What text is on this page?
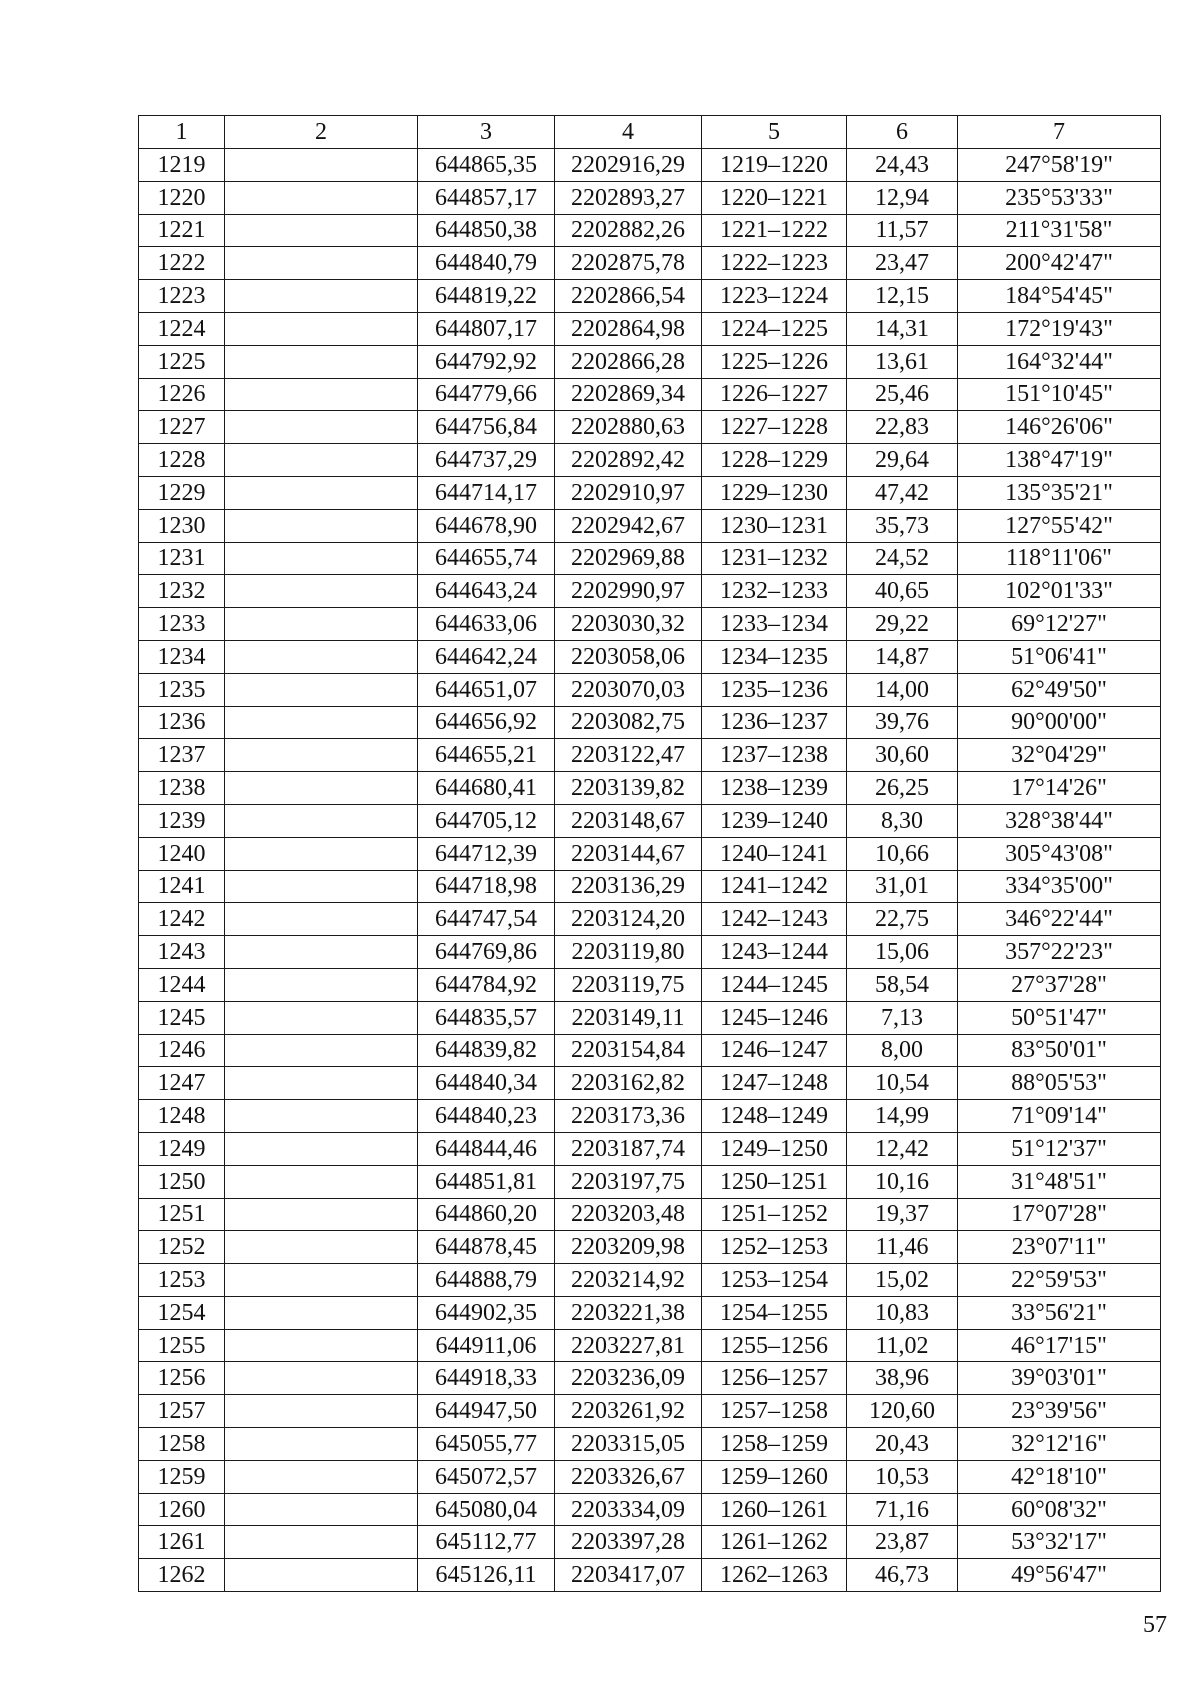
1	2	3	4	5	6	7
1219		644865,35	2202916,29	1219–1220	24,43	247°58'19"
1220		644857,17	2202893,27	1220–1221	12,94	235°53'33"
1221		644850,38	2202882,26	1221–1222	11,57	211°31'58"
1222		644840,79	2202875,78	1222–1223	23,47	200°42'47"
1223		644819,22	2202866,54	1223–1224	12,15	184°54'45"
1224		644807,17	2202864,98	1224–1225	14,31	172°19'43"
1225		644792,92	2202866,28	1225–1226	13,61	164°32'44"
1226		644779,66	2202869,34	1226–1227	25,46	151°10'45"
1227		644756,84	2202880,63	1227–1228	22,83	146°26'06"
1228		644737,29	2202892,42	1228–1229	29,64	138°47'19"
1229		644714,17	2202910,97	1229–1230	47,42	135°35'21"
1230		644678,90	2202942,67	1230–1231	35,73	127°55'42"
1231		644655,74	2202969,88	1231–1232	24,52	118°11'06"
1232		644643,24	2202990,97	1232–1233	40,65	102°01'33"
1233		644633,06	2203030,32	1233–1234	29,22	69°12'27"
1234		644642,24	2203058,06	1234–1235	14,87	51°06'41"
1235		644651,07	2203070,03	1235–1236	14,00	62°49'50"
1236		644656,92	2203082,75	1236–1237	39,76	90°00'00"
1237		644655,21	2203122,47	1237–1238	30,60	32°04'29"
1238		644680,41	2203139,82	1238–1239	26,25	17°14'26"
1239		644705,12	2203148,67	1239–1240	8,30	328°38'44"
1240		644712,39	2203144,67	1240–1241	10,66	305°43'08"
1241		644718,98	2203136,29	1241–1242	31,01	334°35'00"
1242		644747,54	2203124,20	1242–1243	22,75	346°22'44"
1243		644769,86	2203119,80	1243–1244	15,06	357°22'23"
1244		644784,92	2203119,75	1244–1245	58,54	27°37'28"
1245		644835,57	2203149,11	1245–1246	7,13	50°51'47"
1246		644839,82	2203154,84	1246–1247	8,00	83°50'01"
1247		644840,34	2203162,82	1247–1248	10,54	88°05'53"
1248		644840,23	2203173,36	1248–1249	14,99	71°09'14"
1249		644844,46	2203187,74	1249–1250	12,42	51°12'37"
1250		644851,81	2203197,75	1250–1251	10,16	31°48'51"
1251		644860,20	2203203,48	1251–1252	19,37	17°07'28"
1252		644878,45	2203209,98	1252–1253	11,46	23°07'11"
1253		644888,79	2203214,92	1253–1254	15,02	22°59'53"
1254		644902,35	2203221,38	1254–1255	10,83	33°56'21"
1255		644911,06	2203227,81	1255–1256	11,02	46°17'15"
1256		644918,33	2203236,09	1256–1257	38,96	39°03'01"
1257		644947,50	2203261,92	1257–1258	120,60	23°39'56"
1258		645055,77	2203315,05	1258–1259	20,43	32°12'16"
1259		645072,57	2203326,67	1259–1260	10,53	42°18'10"
1260		645080,04	2203334,09	1260–1261	71,16	60°08'32"
1261		645112,77	2203397,28	1261–1262	23,87	53°32'17"
1262		645126,11	2203417,07	1262–1263	46,73	49°56'47"
57
